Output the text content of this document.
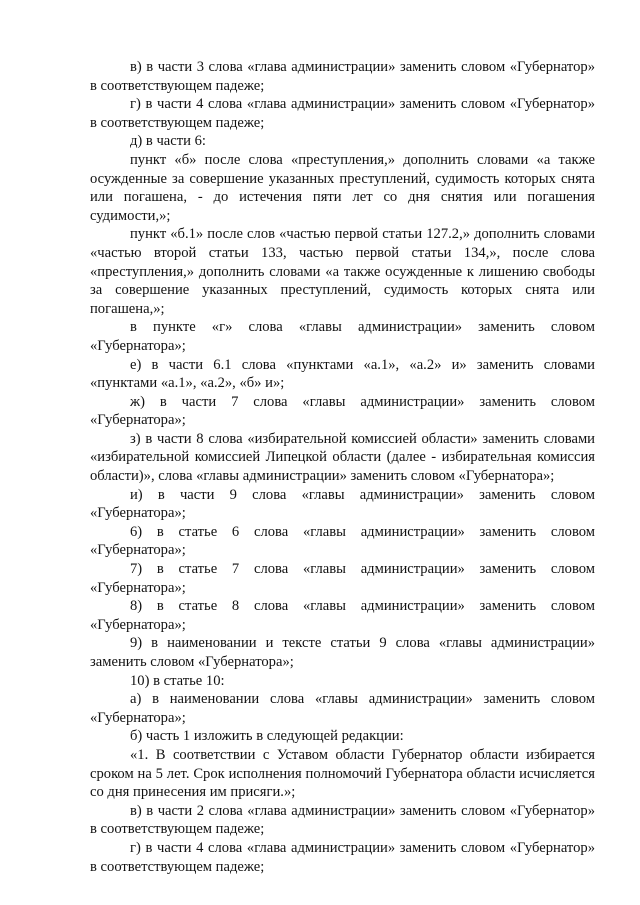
в) в части 3 слова «глава администрации» заменить словом «Губернатор» в соответствующем падеже;

г) в части 4 слова «глава администрации» заменить словом «Губернатор» в соответствующем падеже;

д) в части 6:

пункт «б» после слова «преступления,» дополнить словами «а также осужденные за совершение указанных преступлений, судимость которых снята или погашена, - до истечения пяти лет со дня снятия или погашения судимости,»;

пункт «б.1» после слов «частью первой статьи 127.2,» дополнить словами «частью второй статьи 133, частью первой статьи 134,», после слова «преступления,» дополнить словами «а также осужденные к лишению свободы за совершение указанных преступлений, судимость которых снята или погашена,»;

в пункте «г» слова «главы администрации» заменить словом «Губернатора»;

е) в части 6.1 слова «пунктами «а.1», «а.2» и» заменить словами «пунктами «а.1», «а.2», «б» и»;

ж) в части 7 слова «главы администрации» заменить словом «Губернатора»;

з) в части 8 слова «избирательной комиссией области» заменить словами «избирательной комиссией Липецкой области (далее - избирательная комиссия области)», слова «главы администрации» заменить словом «Губернатора»;

и) в части 9 слова «главы администрации» заменить словом «Губернатора»;

6) в статье 6 слова «главы администрации» заменить словом «Губернатора»;

7) в статье 7 слова «главы администрации» заменить словом «Губернатора»;

8) в статье 8 слова «главы администрации» заменить словом «Губернатора»;

9) в наименовании и тексте статьи 9 слова «главы администрации» заменить словом «Губернатора»;

10) в статье 10:

а) в наименовании слова «главы администрации» заменить словом «Губернатора»;

б) часть 1 изложить в следующей редакции:

«1. В соответствии с Уставом области Губернатор области избирается сроком на 5 лет. Срок исполнения полномочий Губернатора области исчисляется со дня принесения им присяги.»;

в) в части 2 слова «глава администрации» заменить словом «Губернатор» в соответствующем падеже;

г) в части 4 слова «глава администрации» заменить словом «Губернатор» в соответствующем падеже;
